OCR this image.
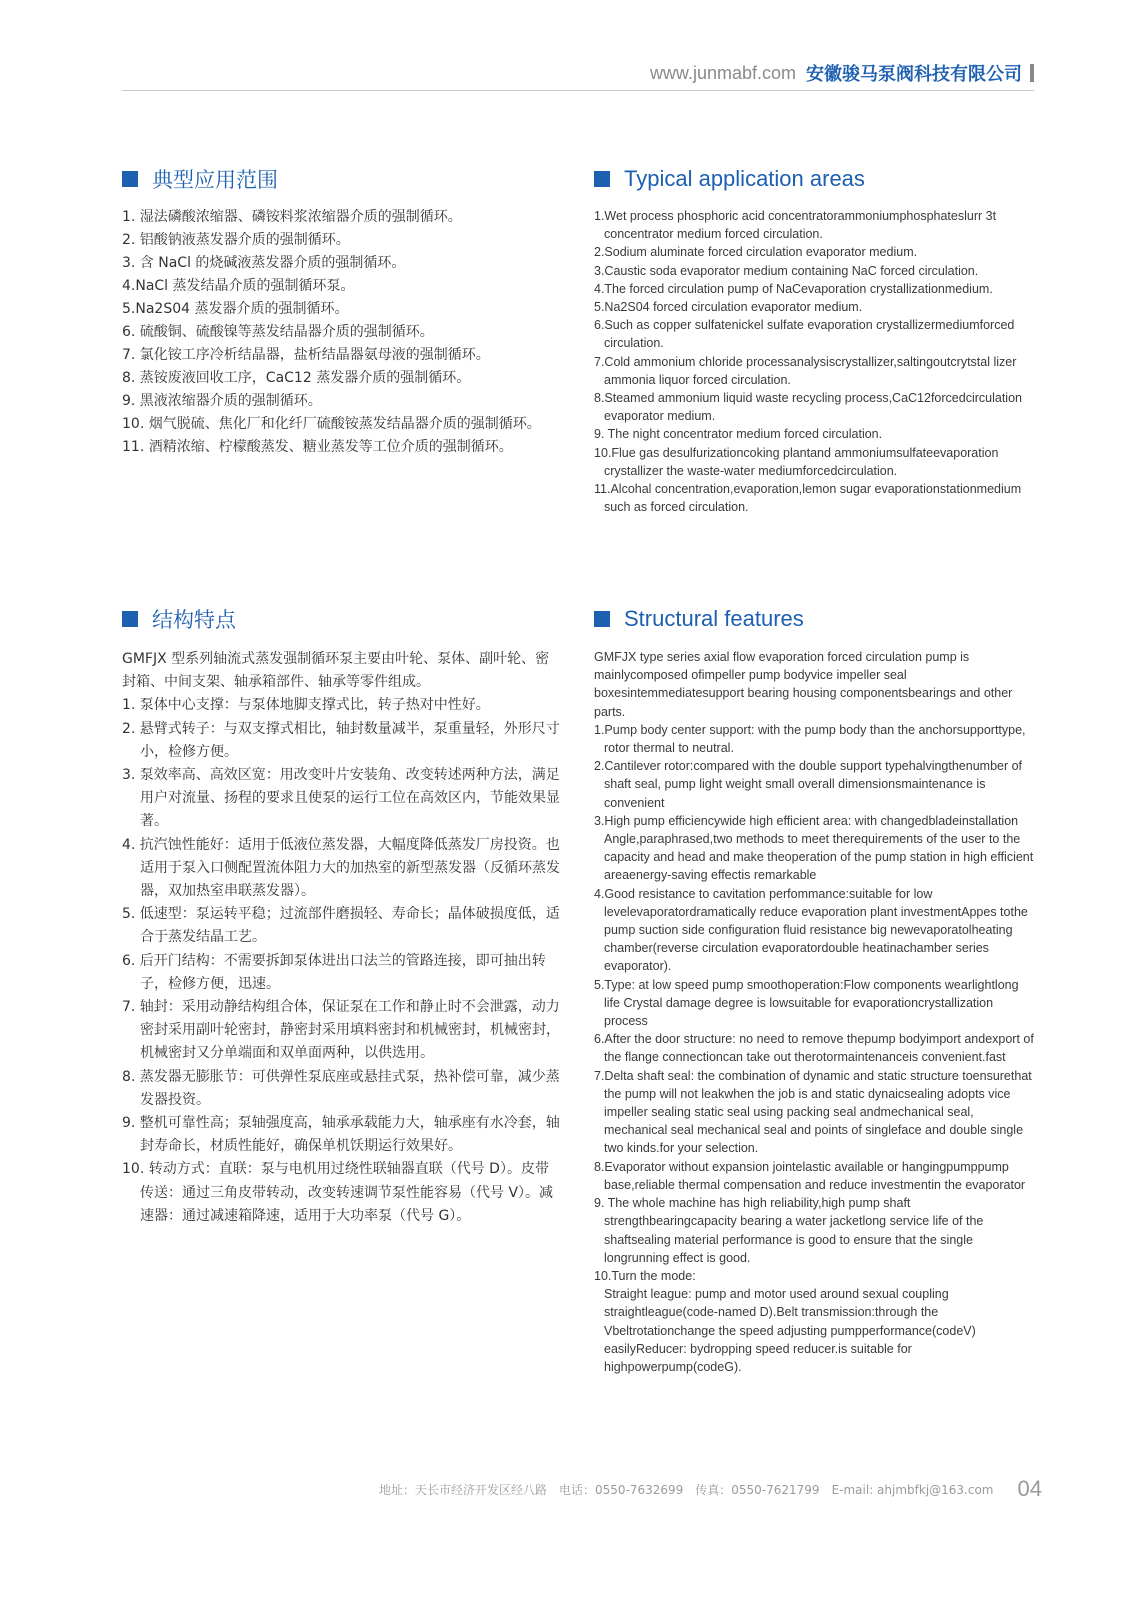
www.junmabf.com 安徽骏马泵阀科技有限公司
典型应用范围
1. 湿法磷酸浓缩器、磷铵料浆浓缩器介质的强制循环。
2. 铝酸钠液蒸发器介质的强制循环。
3. 含 NaCl 的烧碱液蒸发器介质的强制循环。
4.NaCl 蒸发结晶介质的强制循环泵。
5.Na2S04 蒸发器介质的强制循环。
6. 硫酸铜、硫酸镍等蒸发结晶器介质的强制循环。
7. 氯化铵工序冷析结晶器，盐析结晶器氨母液的强制循环。
8. 蒸铵废液回收工序，CaC12 蒸发器介质的强制循环。
9. 黑液浓缩器介质的强制循环。
10. 烟气脱硫、焦化厂和化纤厂硫酸铵蒸发结晶器介质的强制循环。
11. 酒精浓缩、柠檬酸蒸发、糖业蒸发等工位介质的强制循环。
Typical application areas

1.Wet process phosphoric acid concentratorammoniumphosphateslurr 3t concentrator medium forced circulation.

2.Sodium aluminate forced circulation evaporator medium.

3.Caustic soda evaporator medium containing NaC forced circulation.

4.The forced circulation pump of NaCevaporation crystallizationmedium.

5.Na2S04 forced circulation evaporator medium.

6.Such as copper sulfatenickel sulfate evaporation crystallizermediumforced circulation.

7.Cold ammonium chloride processanalysiscrystallizer,saltingoutcrytstal lizer ammonia liquor forced circulation.

8.Steamed ammonium liquid waste recycling process,CaC12forcedcirculation evaporator medium.

9. The night concentrator medium forced circulation.

10.Flue gas desulfurizationcoking plantand ammoniumsulfateevaporation crystallizer the waste-water mediumforcedcirculation.

11.Alcohal concentration,evaporation,lemon sugar evaporationstationmedium such as forced circulation.

结构特点

GMFJX 型系列轴流式蒸发强制循环泵主要由叶轮、泵体、副叶轮、密封箱、中间支架、轴承箱部件、轴承等零件组成。

1. 泵体中心支撑：与泵体地脚支撑式比，转子热对中性好。

2. 悬臂式转子：与双支撑式相比，轴封数量减半，泵重量轻，外形尺寸小，检修方便。

3. 泵效率高、高效区宽：用改变叶片安装角、改变转述两种方法，满足用户对流量、扬程的要求且使泵的运行工位在高效区内，节能效果显著。

4. 抗汽蚀性能好：适用于低液位蒸发器，大幅度降低蒸发厂房投资。也适用于泵入口侧配置流体阻力大的加热室的新型蒸发器（反循环蒸发器，双加热室串联蒸发器）。

5. 低速型：泵运转平稳；过流部件磨损轻、寿命长；晶体破损度低，适合于蒸发结晶工艺。

6. 后开门结构：不需要拆卸泵体进出口法兰的管路连接，即可抽出转子，检修方便，迅速。

7. 轴封：采用动静结构组合体，保证泵在工作和静止时不会泄露，动力密封采用副叶轮密封，静密封采用填料密封和机械密封，机械密封，机械密封又分单端面和双单面两种，以供选用。

8. 蒸发器无膨胀节：可供弹性泵底座或悬挂式泵，热补偿可靠，减少蒸发器投资。

9. 整机可靠性高；泵轴强度高，轴承承载能力大，轴承座有水冷套，轴封寿命长，材质性能好，确保单机饫期运行效果好。

10. 转动方式：直联：泵与电机用过绕性联轴器直联（代号 D）。皮带传送：通过三角皮带转动，改变转速调节泵性能容易（代号 V）。减速器：通过减速箱降速，适用于大功率泵（代号 G）。

Structural features

GMFJX type series axial flow evaporation forced circulation pump is mainlycomposed ofimpeller pump bodyvice impeller seal boxesintemmediatesupport bearing housing componentsbearings and other parts.

1.Pump body center support: with the pump body than the anchorsupporttype, rotor thermal to neutral.

2.Cantilever rotor:compared with the double support typehalvingthenumber of shaft seal, pump light weight small overall dimensionsmaintenance is convenient

3.High pump efficiencywide high efficient area: with changedbladeinstallation Angle,paraphrased,two methods to meet therequirements of the user to the capacity and head and make theoperation of the pump station in high efficient areaenergy-saving effectis remarkable

4.Good resistance to cavitation perfommance:suitable for low levelevaporatordramatically reduce evaporation plant investmentAppes tothe pump suction side configuration fluid resistance big newevaporatolheating chamber(reverse circulation evaporatordouble heatinachamber series evaporator).

5.Type: at low speed pump smoothoperation:Flow components wearlightlong life Crystal damage degree is lowsuitable for evaporationcrystallization process

6.After the door structure: no need to remove thepump bodyimport andexport of the flange connectioncan take out therotormaintenanceis convenient.fast

7.Delta shaft seal: the combination of dynamic and static structure toensurethat the pump will not leakwhen the job is and static dynaicsealing adopts vice impeller sealing static seal using packing seal andmechanical seal, mechanical seal mechanical seal and points of singleface and double single two kinds.for your selection.

8.Evaporator without expansion jointelastic available or hangingpumppump base,reliable thermal compensation and reduce investmentin the evaporator

9. The whole machine has high reliability,high pump shaft strengthbearingcapacity bearing a water jacketlong service life of the shaftsealing material performance is good to ensure that the single longrunning effect is good.

10.Turn the mode:

Straight league: pump and motor used around sexual coupling straightleague(code-named D).Belt transmission:through the Vbeltrotationchange the speed adjusting pumpperformance(codeV) easilyReducer: bydropping speed reducer.is suitable for highpowerpump(codeG).

地址：天长市经济开发区经八路　电话：0550-7632699　传真：0550-7621799　E-mail: ahjmbfkj@163.com 04
